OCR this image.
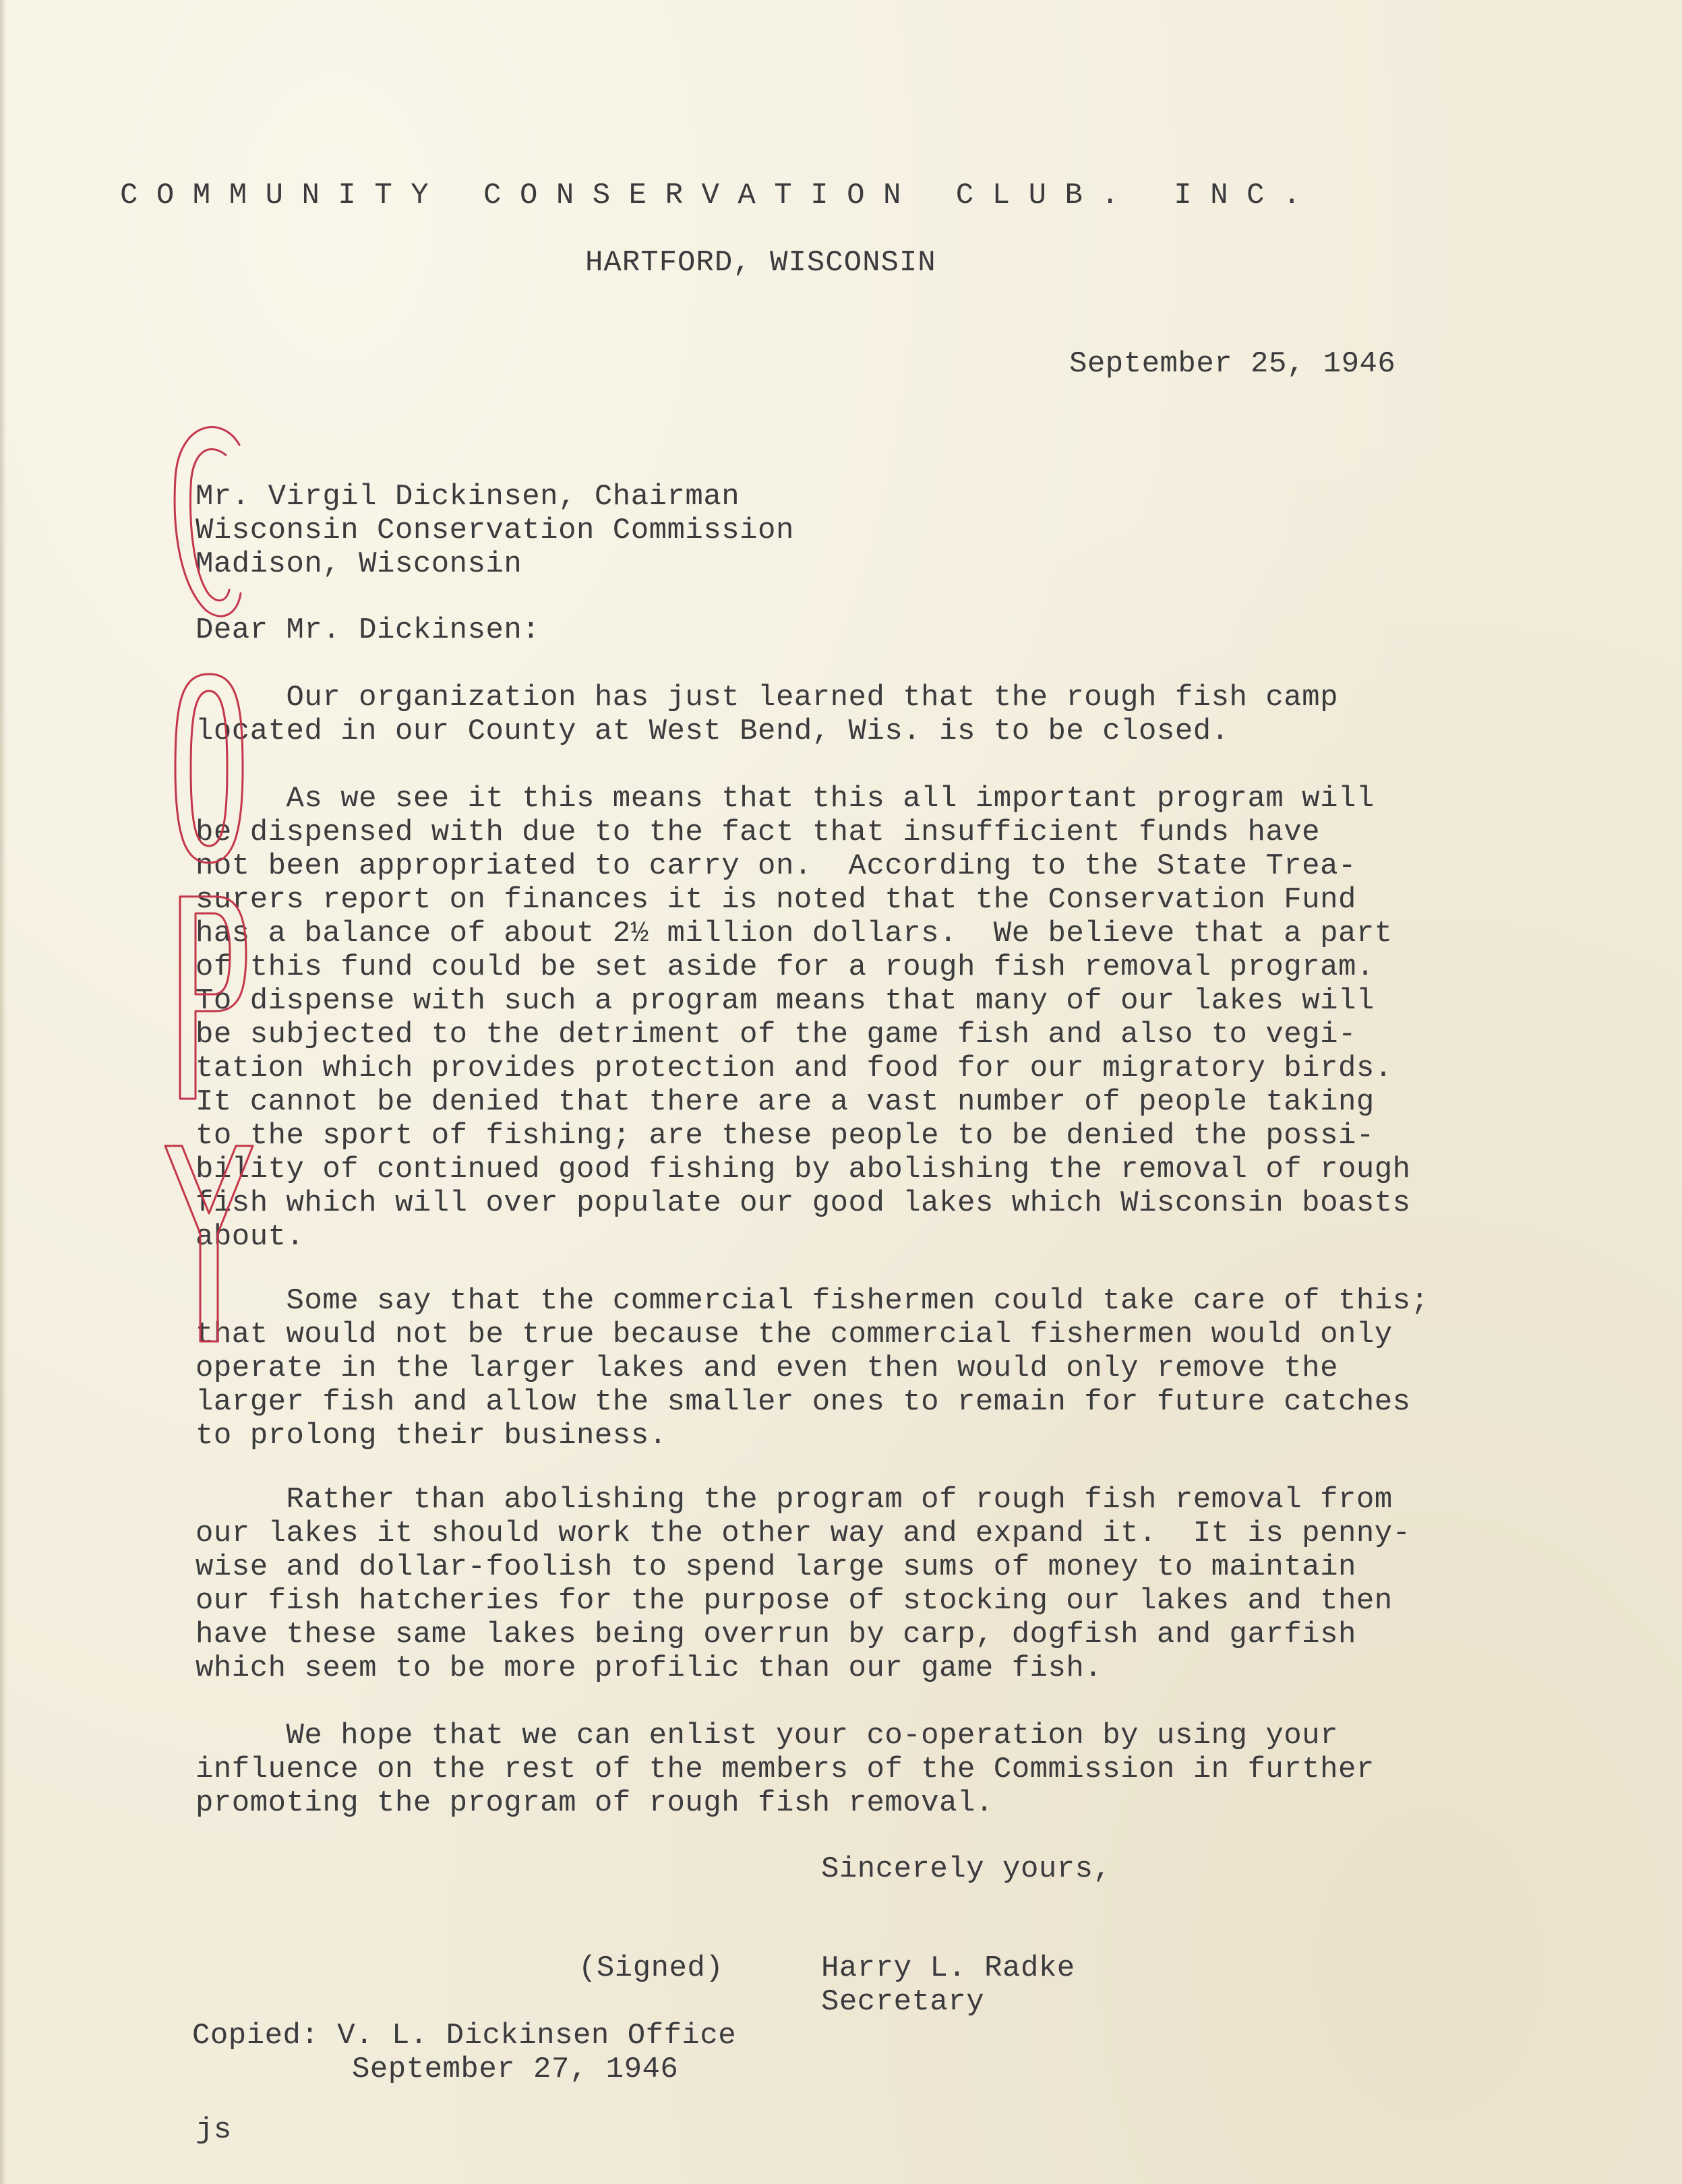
COMMUNITY CONSERVATION CLUB. INC.
HARTFORD, WISCONSIN
September 25, 1946
Mr. Virgil Dickinsen, Chairman
Wisconsin Conservation Commission
Madison, Wisconsin
Dear Mr. Dickinsen:
Our organization has just learned that the rough fish camp
located in our County at West Bend, Wis. is to be closed.
As we see it this means that this all important program will
be dispensed with due to the fact that insufficient funds have
not been appropriated to carry on.  According to the State Trea-
surers report on finances it is noted that the Conservation Fund
has a balance of about 2½ million dollars.  We believe that a part
of this fund could be set aside for a rough fish removal program.
To dispense with such a program means that many of our lakes will
be subjected to the detriment of the game fish and also to vegi-
tation which provides protection and food for our migratory birds.
It cannot be denied that there are a vast number of people taking
to the sport of fishing; are these people to be denied the possi-
bility of continued good fishing by abolishing the removal of rough
fish which will over populate our good lakes which Wisconsin boasts
about.
Some say that the commercial fishermen could take care of this;
that would not be true because the commercial fishermen would only
operate in the larger lakes and even then would only remove the
larger fish and allow the smaller ones to remain for future catches
to prolong their business.
Rather than abolishing the program of rough fish removal from
our lakes it should work the other way and expand it.  It is penny-
wise and dollar-foolish to spend large sums of money to maintain
our fish hatcheries for the purpose of stocking our lakes and then
have these same lakes being overrun by carp, dogfish and garfish
which seem to be more profilic than our game fish.
We hope that we can enlist your co-operation by using your
influence on the rest of the members of the Commission in further
promoting the program of rough fish removal.
Sincerely yours,
(Signed)	Harry L. Radke
Secretary
Copied: V. L. Dickinsen Office
September 27, 1946
js
